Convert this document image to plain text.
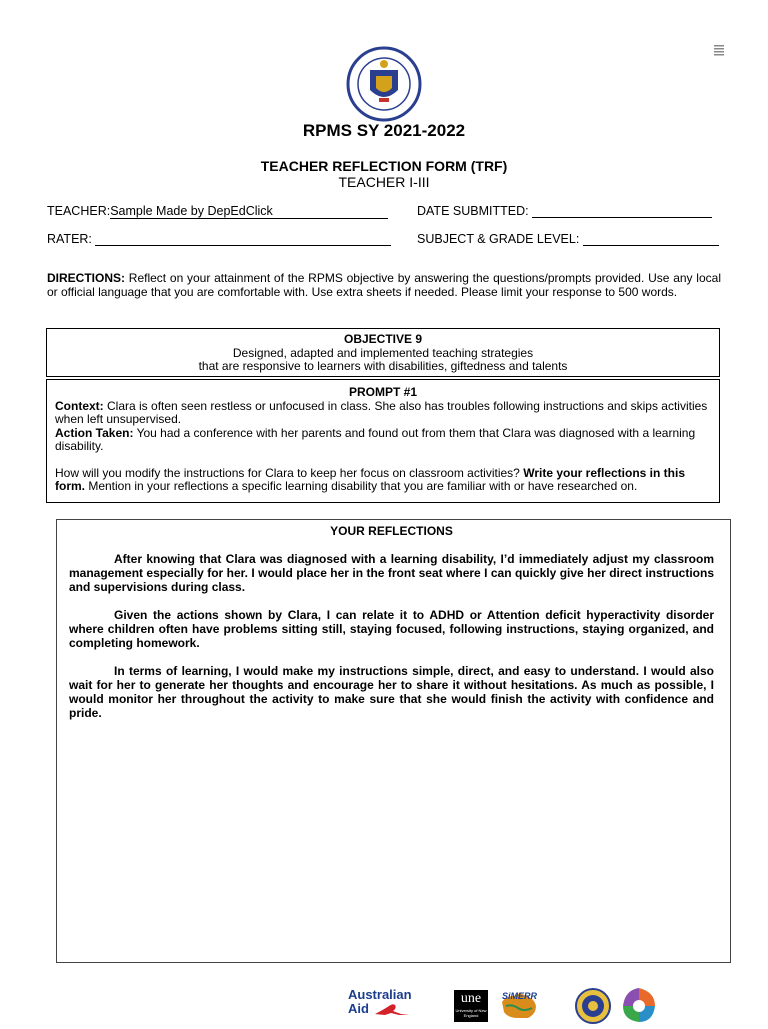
RPMS SY 2021-2022
TEACHER REFLECTION FORM (TRF)
TEACHER I-III
TEACHER:Sample Made by DepEdClick	DATE SUBMITTED:
RATER:	SUBJECT & GRADE LEVEL:
DIRECTIONS: Reflect on your attainment of the RPMS objective by answering the questions/prompts provided. Use any local or official language that you are comfortable with. Use extra sheets if needed. Please limit your response to 500 words.
OBJECTIVE 9
Designed, adapted and implemented teaching strategies
that are responsive to learners with disabilities, giftedness and talents
PROMPT #1
Context: Clara is often seen restless or unfocused in class. She also has troubles following instructions and skips activities when left unsupervised.
Action Taken: You had a conference with her parents and found out from them that Clara was diagnosed with a learning disability.
How will you modify the instructions for Clara to keep her focus on classroom activities? Write your reflections in this form. Mention in your reflections a specific learning disability that you are familiar with or have researched on.
YOUR REFLECTIONS

After knowing that Clara was diagnosed with a learning disability, I’d immediately adjust my classroom management especially for her. I would place her in the front seat where I can quickly give her direct instructions and supervisions during class.

Given the actions shown by Clara, I can relate it to ADHD or Attention deficit hyperactivity disorder where children often have problems sitting still, staying focused, following instructions, staying organized, and completing homework.

In terms of learning, I would make my instructions simple, direct, and easy to understand. I would also wait for her to generate her thoughts and encourage her to share it without hesitations. As much as possible, I would monitor her throughout the activity to make sure that she would finish the activity with confidence and pride.

Australian
Aid
une
University of New England
SiMERR
